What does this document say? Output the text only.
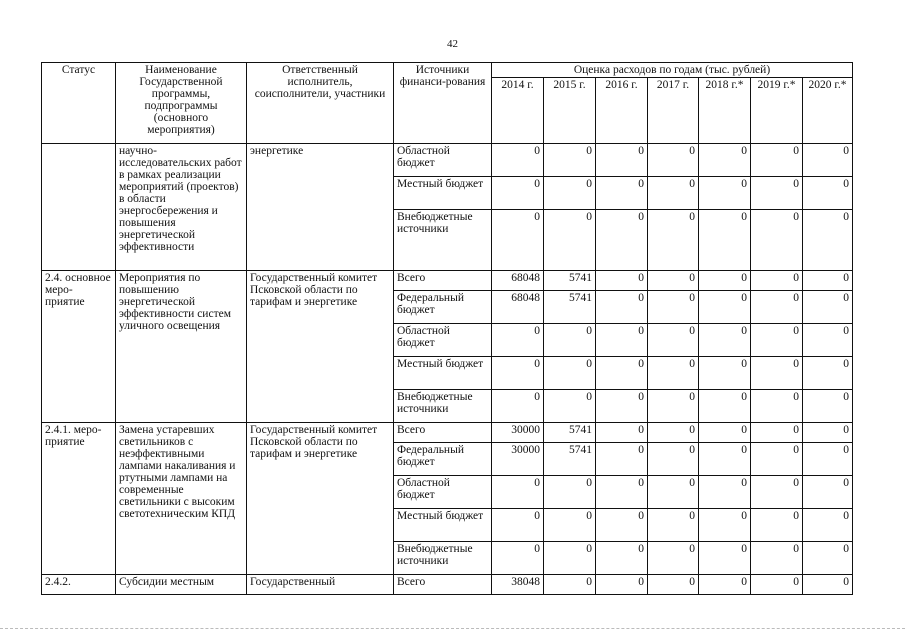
42
Статус	Наименование Государственной программы, подпрограммы (основного мероприятия)	Ответственный исполнитель, соисполнители, участники	Источники финанси-рования	Оценка расходов по годам (тыс. рублей)						
				2014 г.	2015 г.	2016 г.	2017 г.	2018 г.*	2019 г.*	2020 г.*
	научно-исследовательских работ в рамках реализации мероприятий (проектов) в области энергосбережения и повышения энергетической эффективности	энергетике	Областной бюджет	0	0	0	0	0	0	0
			Местный бюджет	0	0	0	0	0	0	0
			Внебюджетные источники	0	0	0	0	0	0	0
2.4. основное меро-приятие	Мероприятия по повышению энергетической эффективности систем уличного освещения	Государственный комитет Псковской области по тарифам и энергетике	Всего	68048	5741	0	0	0	0	0
			Федеральный бюджет	68048	5741	0	0	0	0	0
			Областной бюджет	0	0	0	0	0	0	0
			Местный бюджет	0	0	0	0	0	0	0
			Внебюджетные источники	0	0	0	0	0	0	0
2.4.1. меро-приятие	Замена устаревших светильников с неэффективными лампами накаливания и ртутными лампами на современные светильники с высоким светотехническим КПД	Государственный комитет Псковской области по тарифам и энергетике	Всего	30000	5741	0	0	0	0	0
			Федеральный бюджет	30000	5741	0	0	0	0	0
			Областной бюджет	0	0	0	0	0	0	0
			Местный бюджет	0	0	0	0	0	0	0
			Внебюджетные источники	0	0	0	0	0	0	0
2.4.2.	Субсидии местным	Государственный	Всего	38048	0	0	0	0	0	0
